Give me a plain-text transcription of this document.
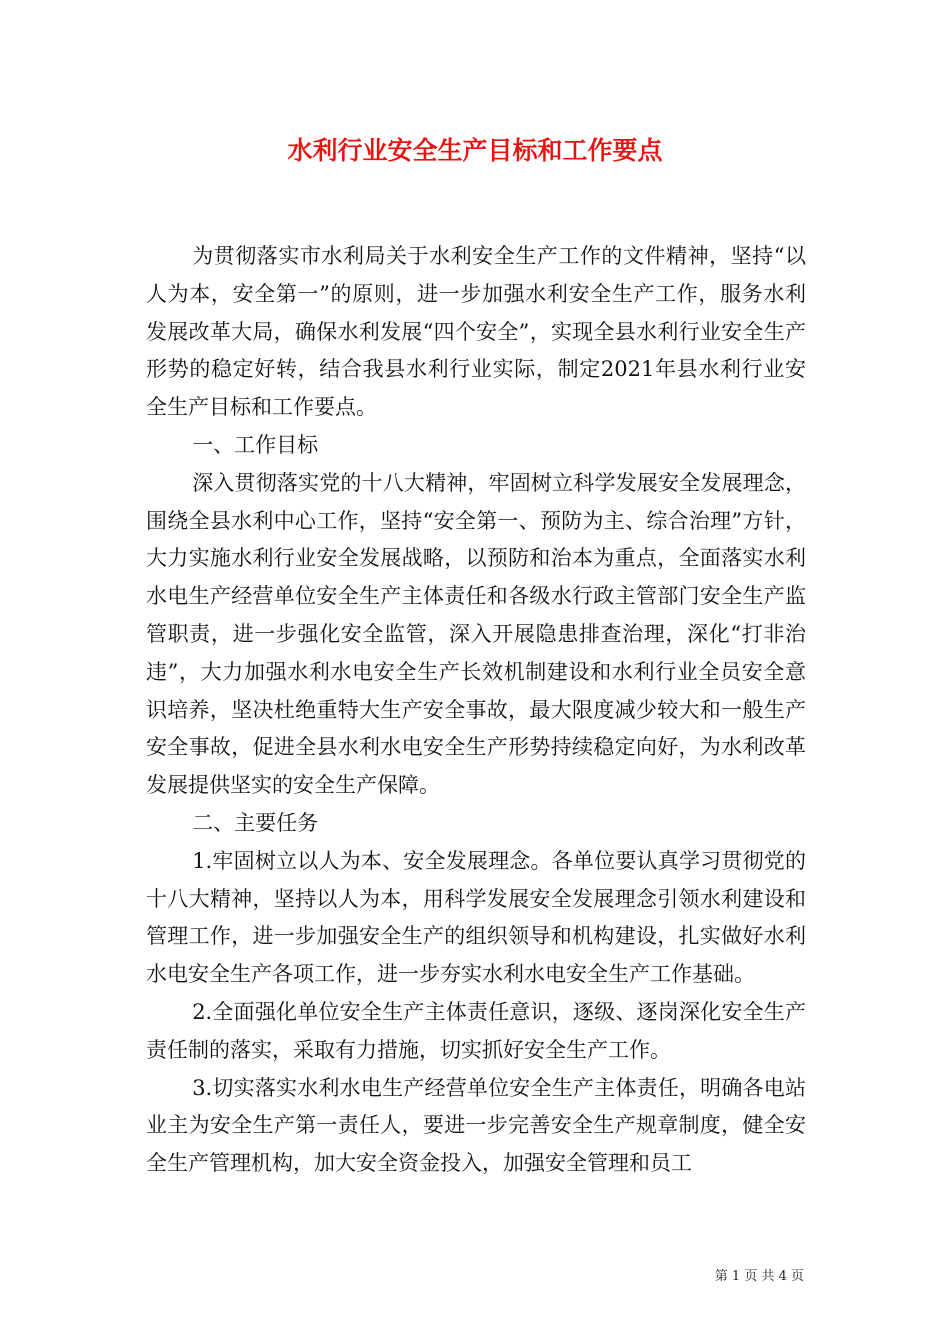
水利行业安全生产目标和工作要点

为贯彻落实市水利局关于水利安全生产工作的文件精神，坚持“以人为本，安全第一”的原则，进一步加强水利安全生产工作，服务水利发展改革大局，确保水利发展“四个安全”，实现全县水利行业安全生产形势的稳定好转，结合我县水利行业实际，制定2021年县水利行业安全生产目标和工作要点。

一、工作目标

深入贯彻落实党的十八大精神，牢固树立科学发展安全发展理念，围绕全县水利中心工作，坚持“安全第一、预防为主、综合治理”方针，大力实施水利行业安全发展战略，以预防和治本为重点，全面落实水利水电生产经营单位安全生产主体责任和各级水行政主管部门安全生产监管职责，进一步强化安全监管，深入开展隐患排查治理，深化“打非治违”，大力加强水利水电安全生产长效机制建设和水利行业全员安全意识培养，坚决杜绝重特大生产安全事故，最大限度减少较大和一般生产安全事故，促进全县水利水电安全生产形势持续稳定向好，为水利改革发展提供坚实的安全生产保障。

二、主要任务

1.牢固树立以人为本、安全发展理念。各单位要认真学习贯彻党的十八大精神，坚持以人为本，用科学发展安全发展理念引领水利建设和管理工作，进一步加强安全生产的组织领导和机构建设，扎实做好水利水电安全生产各项工作，进一步夯实水利水电安全生产工作基础。

2.全面强化单位安全生产主体责任意识，逐级、逐岗深化安全生产责任制的落实，采取有力措施，切实抓好安全生产工作。

3.切实落实水利水电生产经营单位安全生产主体责任，明确各电站业主为安全生产第一责任人，要进一步完善安全生产规章制度，健全安全生产管理机构，加大安全资金投入，加强安全管理和员工

第 1 页 共 4 页
